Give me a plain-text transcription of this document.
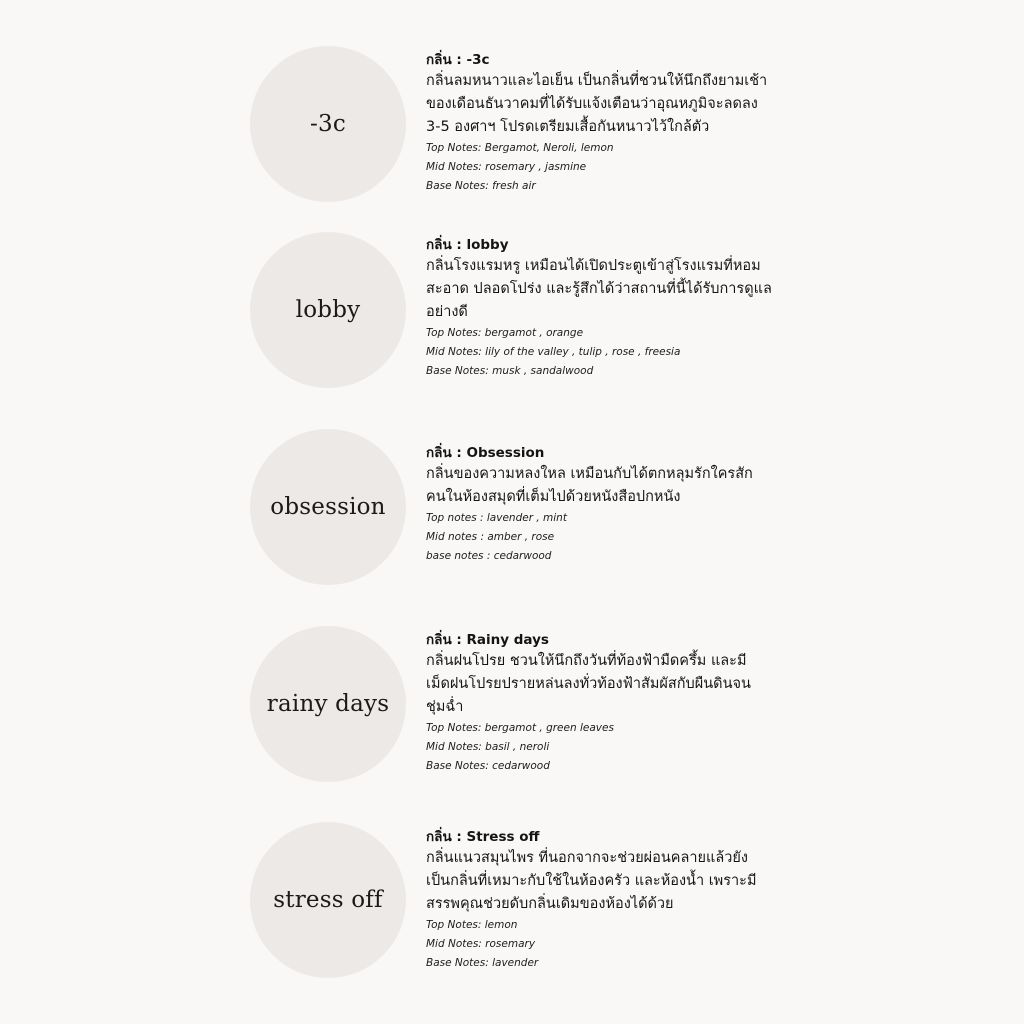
-3c
กลิ่น : -3c
กลิ่นลมหนาวและไอเย็น เป็นกลิ่นที่ชวนให้นึกถึงยามเช้า
ของเดือนธันวาคมที่ได้รับแจ้งเตือนว่าอุณหภูมิจะลดลง
3-5 องศาฯ โปรดเตรียมเสื้อกันหนาวไว้ใกล้ตัว
Top Notes: Bergamot, Neroli, lemon
Mid Notes: rosemary , jasmine
Base Notes: fresh air
lobby
กลิ่น : lobby
กลิ่นโรงแรมหรู เหมือนได้เปิดประตูเข้าสู่โรงแรมที่หอม
สะอาด ปลอดโปร่ง และรู้สึกได้ว่าสถานที่นี้ได้รับการดูแล
อย่างดี
Top Notes: bergamot , orange
Mid Notes: lily of the valley , tulip , rose , freesia
Base Notes: musk , sandalwood
obsession
กลิ่น : Obsession
กลิ่นของความหลงใหล เหมือนกับได้ตกหลุมรักใครสัก
คนในห้องสมุดที่เต็มไปด้วยหนังสือปกหนัง
Top notes : lavender , mint
Mid notes : amber , rose
base notes : cedarwood
rainy days
กลิ่น : Rainy days
กลิ่นฝนโปรย ชวนให้นึกถึงวันที่ท้องฟ้ามืดครึ้ม และมี
เม็ดฝนโปรยปรายหล่นลงทั่วท้องฟ้าสัมผัสกับผืนดินจน
ชุ่มฉ่ำ
Top Notes: bergamot , green leaves
Mid Notes: basil , neroli
Base Notes: cedarwood
stress off
กลิ่น : Stress off
กลิ่นแนวสมุนไพร ที่นอกจากจะช่วยผ่อนคลายแล้วยัง
เป็นกลิ่นที่เหมาะกับใช้ในห้องครัว และห้องน้ำ เพราะมี
สรรพคุณช่วยดับกลิ่นเดิมของห้องได้ด้วย
Top Notes: lemon
Mid Notes: rosemary
Base Notes: lavender
